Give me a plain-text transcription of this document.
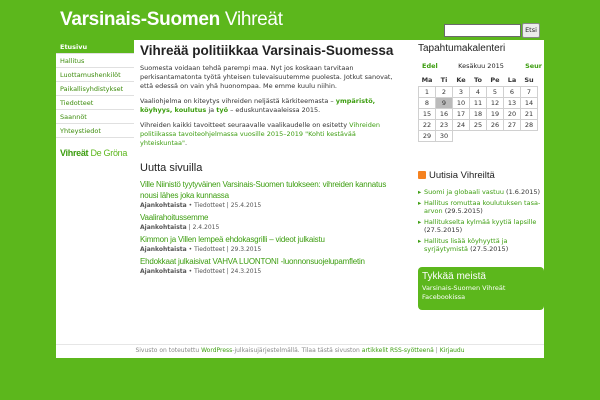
Varsinais-Suomen Vihreät	Etsi
Etusivu
Hallitus
Luottamushenkilöt
Paikallisyhdistykset
Tiedotteet
Saannöt
Yhteystiedot
Vihreät De Gröna
Vihreää politiikkaa Varsinais-Suomessa

Suomesta voidaan tehdä parempi maa. Nyt jos koskaan tarvitaan perkisantamatonta työtä yhteisen tulevaisuutemme puolesta. Jotkut sanovat, että edessä on vain yhä huonompaa. Me emme kuulu niihin.

Vaaliohjelma on kiteytys vihreiden neljästä kärkiteemasta – ympäristö, köyhyys, koulutus ja työ – eduskuntavaaleissa 2015.

Vihreiden kaikki tavoitteet seuraavalle vaalikaudelle on esitetty Vihreiden politiikassa tavoiteohjelmassa vuosille 2015–2019 "Kohti kestävää yhteiskuntaa".

Uutta sivuilla
Ville Niinistö tyytyväinen Varsinais-Suomen tulokseen: vihreiden kannatus nousi lähes joka kunnassa
Ajankohtaista • Tiedotteet | 25.4.2015
Vaalirahoitussemme
Ajankohtaista | 2.4.2015
Kimmon ja Villen lempeä ehdokasgrilli – videot julkaistu
Ajankohtaista • Tiedotteet | 29.3.2015
Ehdokkaat julkaisivat VAHVA LUONTONI -luonnonsuojelupamfletin
Ajankohtaista • Tiedotteet | 24.3.2015
Tapahtumakalenteri
Edel	Kesäkuu 2015	Seur
Ma	Ti	Ke	To	Pe	La	Su
1	2	3	4	5	6	7
8	9	10	11	12	13	14
15	16	17	18	19	20	21
22	23	24	25	26	27	28
29	30					
Uutisia Vihreiltä
▸ Suomi ja globaali vastuu (1.6.2015)
▸ Hallitus romuttaa koulutuksen tasa-arvon (29.5.2015)
▸ Hallitukselta kylmää kyytiä lapsille (27.5.2015)
▸ Hallitus lisää köyhyyttä ja syrjäytymistä (27.5.2015)
Tykkää meistä
Varsinais-Suomen Vihreät Facebookissa
Sivusto on toteutettu WordPress-julkaisujärjestelmällä. Tilaa tästä sivuston artikkelit RSS-syötteenä | Kirjaudu
